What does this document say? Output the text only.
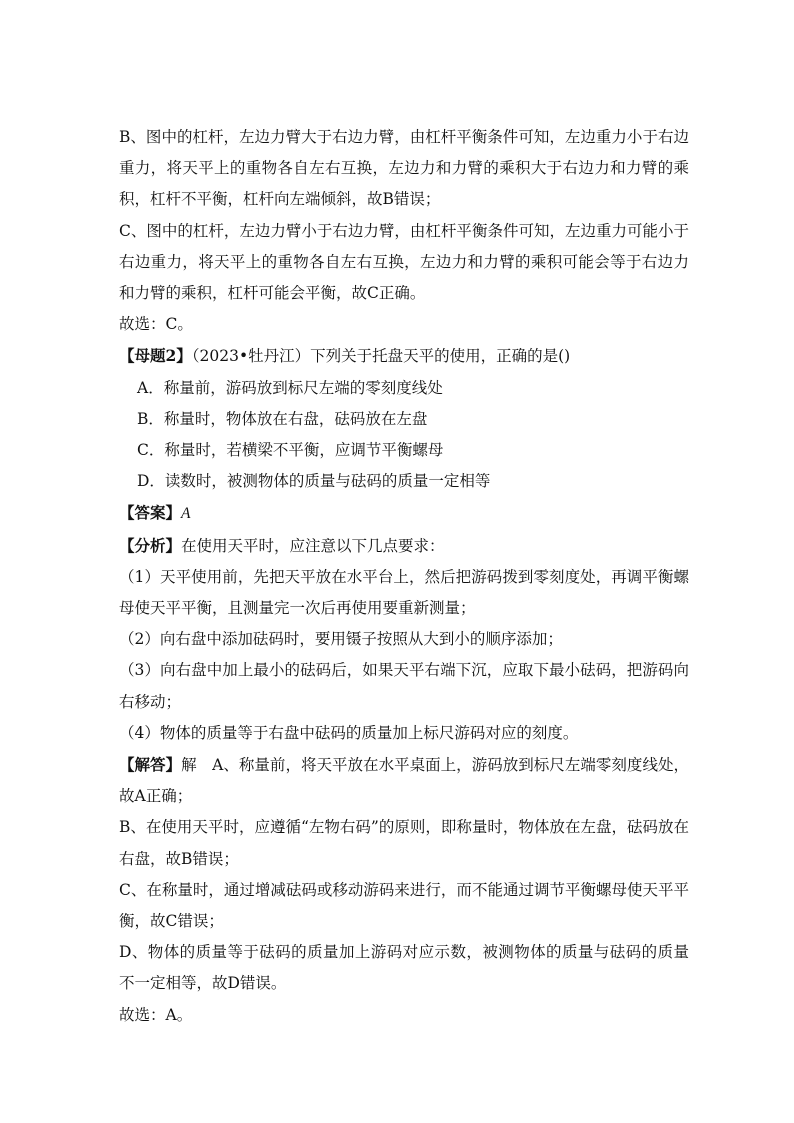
B、图中的杠杆，左边力臂大于右边力臂，由杠杆平衡条件可知，左边重力小于右边重力，将天平上的重物各自左右互换，左边力和力臂的乘积大于右边力和力臂的乘积，杠杆不平衡，杠杆向左端倾斜，故B错误；

C、图中的杠杆，左边力臂小于右边力臂，由杠杆平衡条件可知，左边重力可能小于右边重力，将天平上的重物各自左右互换，左边力和力臂的乘积可能会等于右边力和力臂的乘积，杠杆可能会平衡，故C正确。

故选：C。

【母题2】（2023•牡丹江）下列关于托盘天平的使用，正确的是()

A．称量前，游码放到标尺左端的零刻度线处

B．称量时，物体放在右盘，砝码放在左盘

C．称量时，若横梁不平衡，应调节平衡螺母

D．读数时，被测物体的质量与砝码的质量一定相等

【答案】A

【分析】在使用天平时，应注意以下几点要求：

（1）天平使用前，先把天平放在水平台上，然后把游码拨到零刻度处，再调平衡螺母使天平平衡，且测量完一次后再使用要重新测量；

（2）向右盘中添加砝码时，要用镊子按照从大到小的顺序添加；

（3）向右盘中加上最小的砝码后，如果天平右端下沉，应取下最小砝码，把游码向右移动；

（4）物体的质量等于右盘中砝码的质量加上标尺游码对应的刻度。

【解答】解　A、称量前，将天平放在水平桌面上，游码放到标尺左端零刻度线处，故A正确；

B、在使用天平时，应遵循“左物右码”的原则，即称量时，物体放在左盘，砝码放在右盘，故B错误；

C、在称量时，通过增减砝码或移动游码来进行，而不能通过调节平衡螺母使天平平衡，故C错误；

D、物体的质量等于砝码的质量加上游码对应示数，被测物体的质量与砝码的质量不一定相等，故D错误。

故选：A。
